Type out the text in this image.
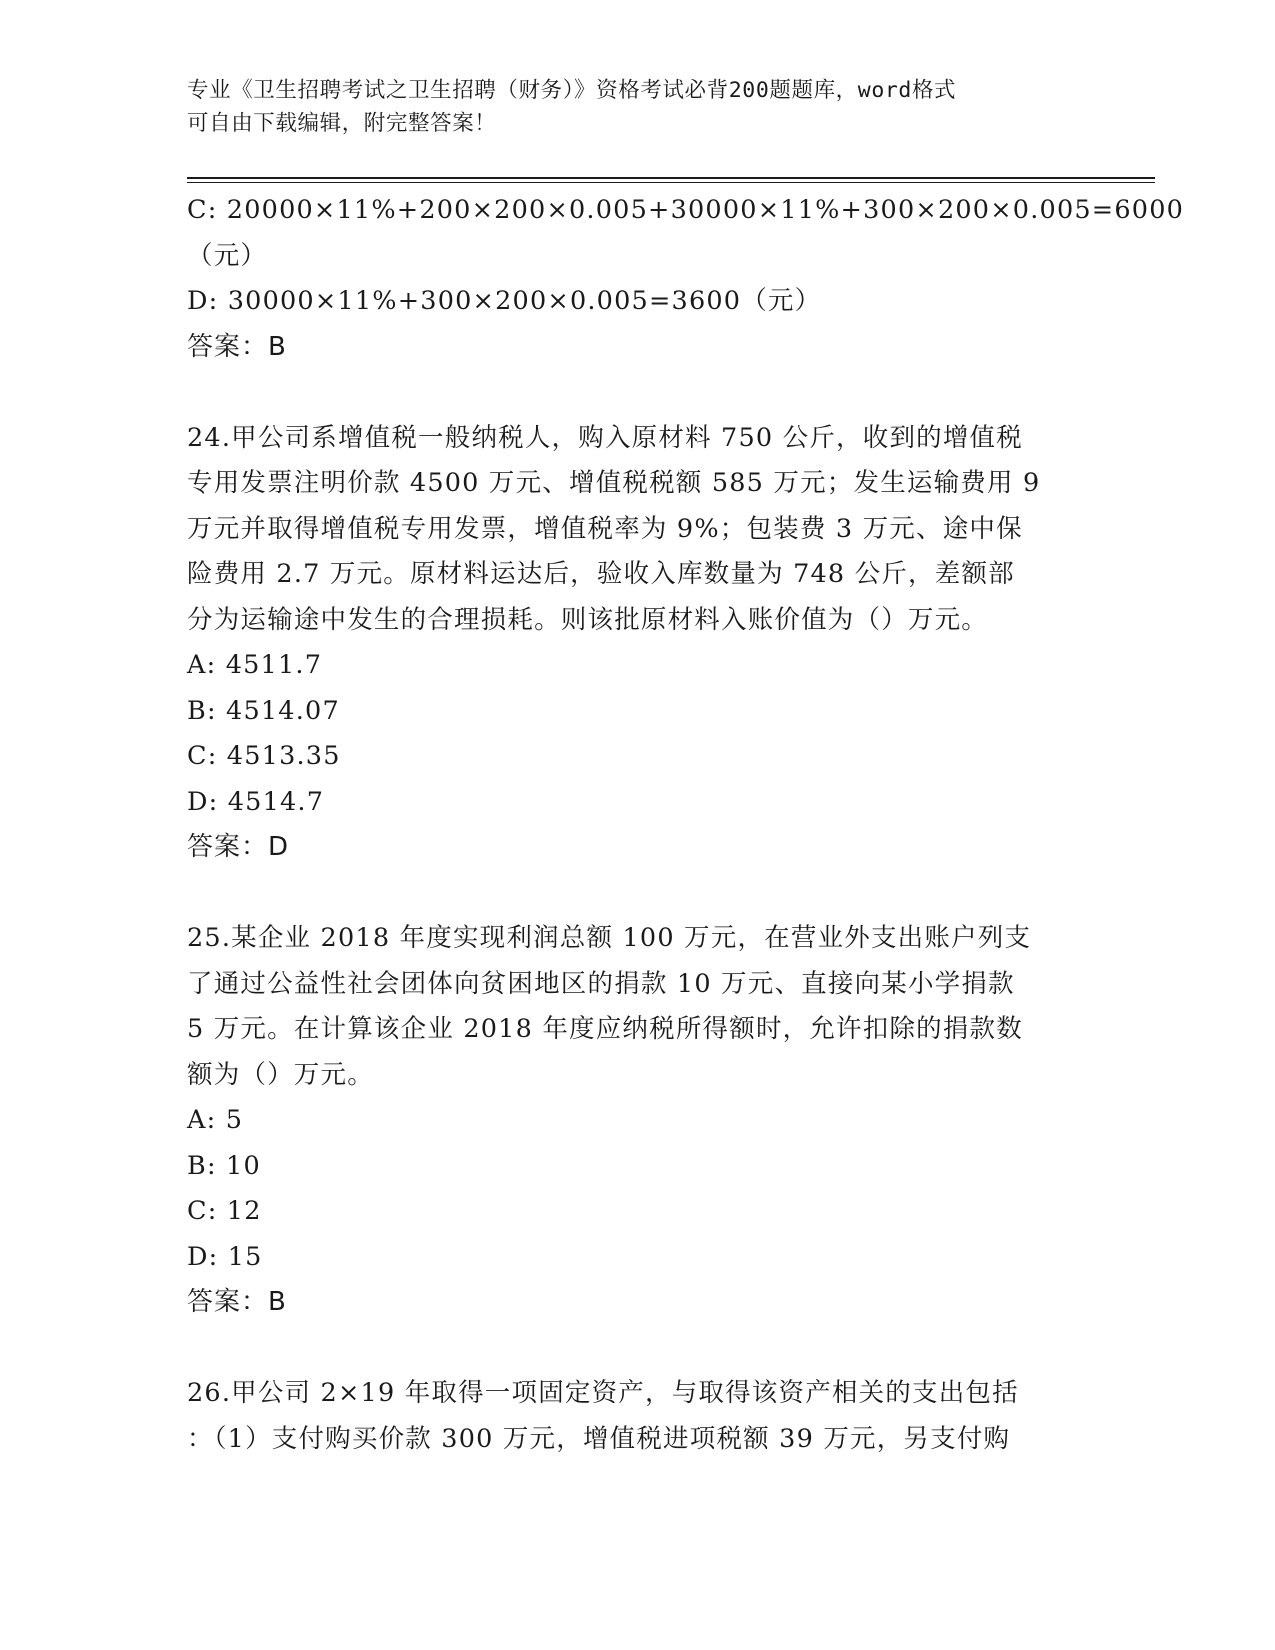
专业《卫生招聘考试之卫生招聘（财务）》资格考试必背200题题库，word格式
可自由下载编辑，附完整答案！
C: 20000×11%+200×200×0.005+30000×11%+300×200×0.005=6000
（元）
D: 30000×11%+300×200×0.005=3600（元）
答案：B
24.甲公司系增值税一般纳税人，购入原材料 750 公斤，收到的增值税
专用发票注明价款 4500 万元、增值税税额 585 万元；发生运输费用 9
万元并取得增值税专用发票，增值税率为 9%；包装费 3 万元、途中保
险费用 2.7 万元。原材料运达后，验收入库数量为 748 公斤，差额部
分为运输途中发生的合理损耗。则该批原材料入账价值为（）万元。
A: 4511.7
B: 4514.07
C: 4513.35
D: 4514.7
答案：D
25.某企业 2018 年度实现利润总额 100 万元，在营业外支出账户列支
了通过公益性社会团体向贫困地区的捐款 10 万元、直接向某小学捐款
5 万元。在计算该企业 2018 年度应纳税所得额时，允许扣除的捐款数
额为（）万元。
A: 5
B: 10
C: 12
D: 15
答案：B
26.甲公司 2×19 年取得一项固定资产，与取得该资产相关的支出包括
：（1）支付购买价款 300 万元，增值税进项税额 39 万元，另支付购
